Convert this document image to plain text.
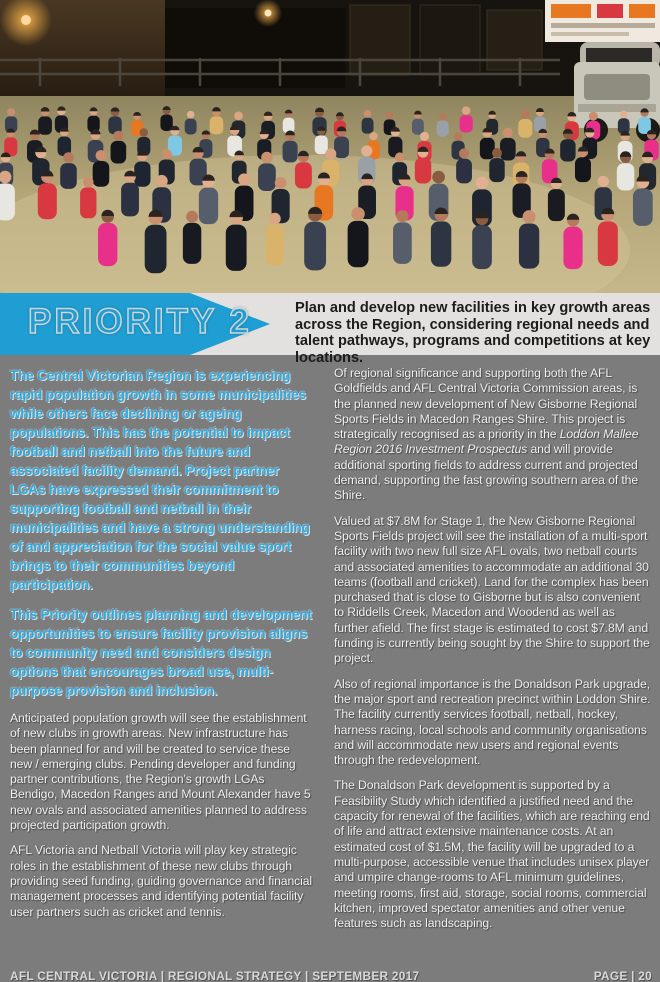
PRIORITY 2	Plan and develop new facilities in key growth areas across the Region, considering regional needs and talent pathways, programs and competitions at key locations.

The Central Victorian Region is experiencing rapid population growth in some municipalities while others face declining or ageing populations. This has the potential to impact football and netball into the future and associated facility demand. Project partner LGAs have expressed their commitment to supporting football and netball in their municipalities and have a strong understanding of and appreciation for the social value sport brings to their communities beyond participation.

This Priority outlines planning and development opportunities to ensure facility provision aligns to community need and considers design options that encourages broad use, multi-purpose provision and inclusion.

Anticipated population growth will see the establishment of new clubs in growth areas. New infrastructure has been planned for and will be created to service these new / emerging clubs. Pending developer and funding partner contributions, the Region's growth LGAs Bendigo, Macedon Ranges and Mount Alexander have 5 new ovals and associated amenities planned to address projected participation growth.

AFL Victoria and Netball Victoria will play key strategic roles in the establishment of these new clubs through providing seed funding, guiding governance and financial management processes and identifying potential facility user partners such as cricket and tennis.

Of regional significance and supporting both the AFL Goldfields and AFL Central Victoria Commission areas, is the planned new development of New Gisborne Regional Sports Fields in Macedon Ranges Shire. This project is strategically recognised as a priority in the Loddon Mallee Region 2016 Investment Prospectus and will provide additional sporting fields to address current and projected demand, supporting the fast growing southern area of the Shire.

Valued at $7.8M for Stage 1, the New Gisborne Regional Sports Fields project will see the installation of a multi-sport facility with two new full size AFL ovals, two netball courts and associated amenities to accommodate an additional 30 teams (football and cricket). Land for the complex has been purchased that is close to Gisborne but is also convenient to Riddells Creek, Macedon and Woodend as well as further afield. The first stage is estimated to cost $7.8M and funding is currently being sought by the Shire to support the project.

Also of regional importance is the Donaldson Park upgrade, the major sport and recreation precinct within Loddon Shire. The facility currently services football, netball, hockey, harness racing, local schools and community organisations and will accommodate new users and regional events through the redevelopment.

The Donaldson Park development is supported by a Feasibility Study which identified a justified need and the capacity for renewal of the facilities, which are reaching end of life and attract extensive maintenance costs. At an estimated cost of $1.5M, the facility will be upgraded to a multi-purpose, accessible venue that includes unisex player and umpire change-rooms to AFL minimum guidelines, meeting rooms, first aid, storage, social rooms, commercial kitchen, improved spectator amenities and other venue features such as landscaping.

AFL CENTRAL VICTORIA | REGIONAL STRATEGY | SEPTEMBER 2017	PAGE | 20
